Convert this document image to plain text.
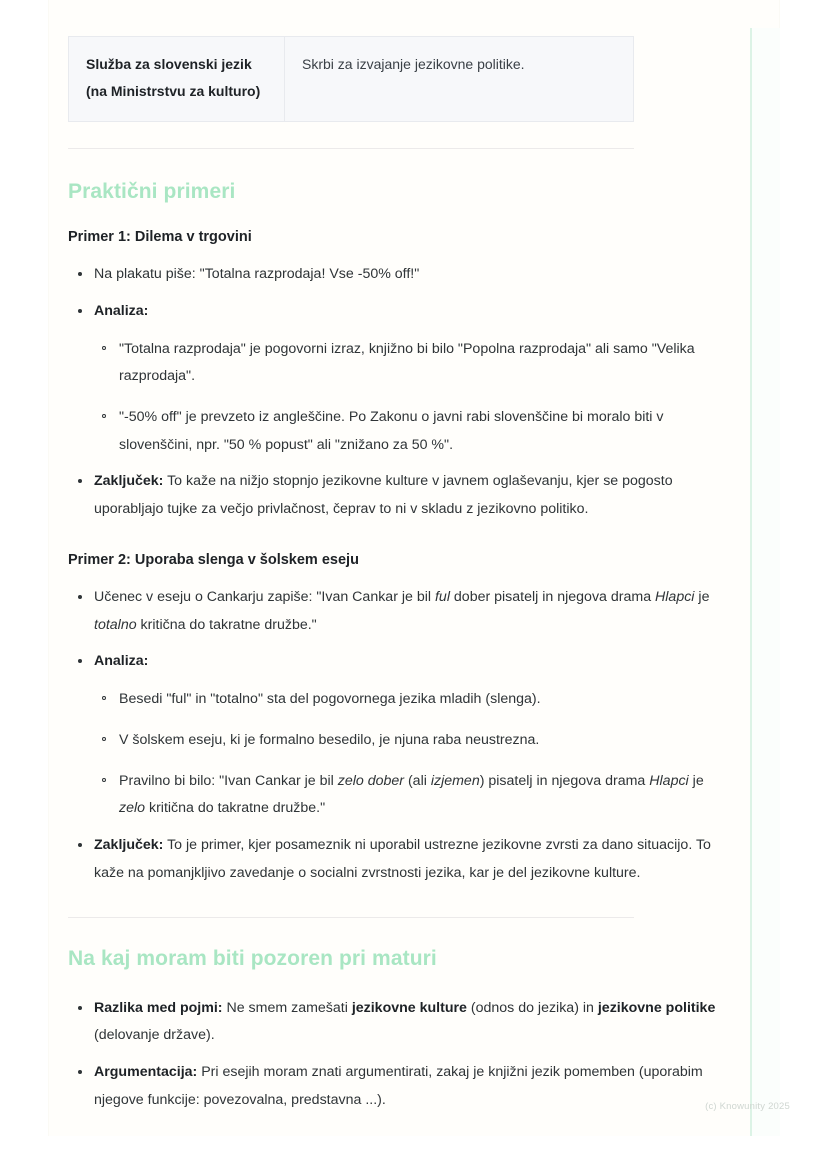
Služba za slovenski jezik (na Ministrstvu za kulturo)	Skrbi za izvajanje jezikovne politike.
Praktični primeri
Primer 1: Dilema v trgovini
Na plakatu piše: "Totalna razprodaja! Vse -50% off!"
Analiza:
"Totalna razprodaja" je pogovorni izraz, knjižno bi bilo "Popolna razprodaja" ali samo "Velika razprodaja".
"-50% off" je prevzeto iz angleščine. Po Zakonu o javni rabi slovenščine bi moralo biti v slovenščini, npr. "50 % popust" ali "znižano za 50 %".
Zaključek: To kaže na nižjo stopnjo jezikovne kulture v javnem oglaševanju, kjer se pogosto uporabljajo tujke za večjo privlačnost, čeprav to ni v skladu z jezikovno politiko.
Primer 2: Uporaba slenga v šolskem eseju
Učenec v eseju o Cankarju zapiše: "Ivan Cankar je bil ful dober pisatelj in njegova drama Hlapci je totalno kritična do takratne družbe."
Analiza:
Besedi "ful" in "totalno" sta del pogovornega jezika mladih (slenga).
V šolskem eseju, ki je formalno besedilo, je njuna raba neustrezna.
Pravilno bi bilo: "Ivan Cankar je bil zelo dober (ali izjemen) pisatelj in njegova drama Hlapci je zelo kritična do takratne družbe."
Zaključek: To je primer, kjer posameznik ni uporabil ustrezne jezikovne zvrsti za dano situacijo. To kaže na pomanjkljivo zavedanje o socialni zvrstnosti jezika, kar je del jezikovne kulture.
Na kaj moram biti pozoren pri maturi
Razlika med pojmi: Ne smem zamešati jezikovne kulture (odnos do jezika) in jezikovne politike (delovanje države).
Argumentacija: Pri esejih moram znati argumentirati, zakaj je knjižni jezik pomemben (uporabim njegove funkcije: povezovalna, predstavna ...).	(c) Knowunity 2025
